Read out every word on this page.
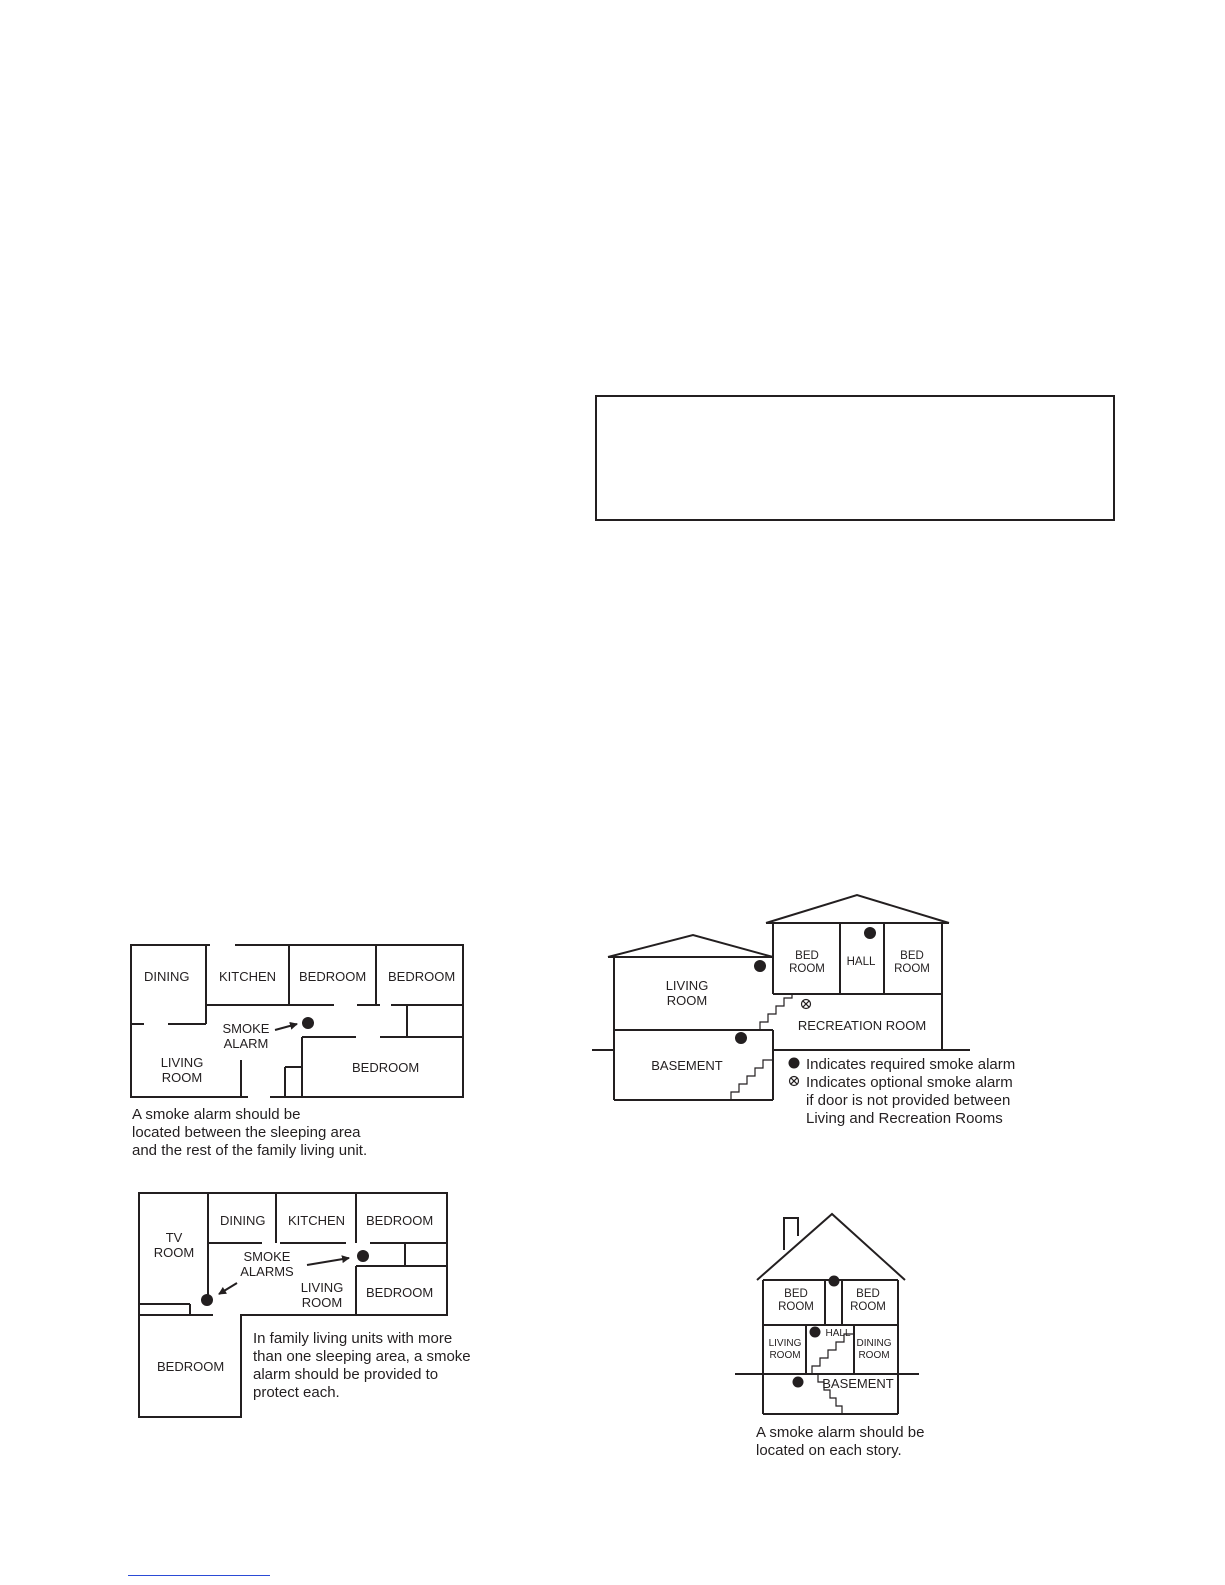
DINING KITCHEN BEDROOM BEDROOM
BEDROOM
LIVING
ROOM
SMOKE
ALARM
A smoke alarm should be
located between the sleeping area
and the rest of the family living unit.
TV
ROOM
DINING KITCHEN BEDROOM
BEDROOM
BEDROOM
LIVING
ROOM
SMOKE
ALARMS
In family living units with more
than one sleeping area, a smoke
alarm should be provided to
protect each.
BED
ROOM
HALL BED
ROOM
LIVING
ROOM
RECREATION ROOM
BASEMENT	Indicates required smoke alarm
Indicates optional smoke alarm
if door is not provided between
Living and Recreation Rooms
BED
ROOM
BED
ROOM
LIVING
ROOM
DINING
ROOM
HALL
BASEMENT
A smoke alarm should be
located on each story.
